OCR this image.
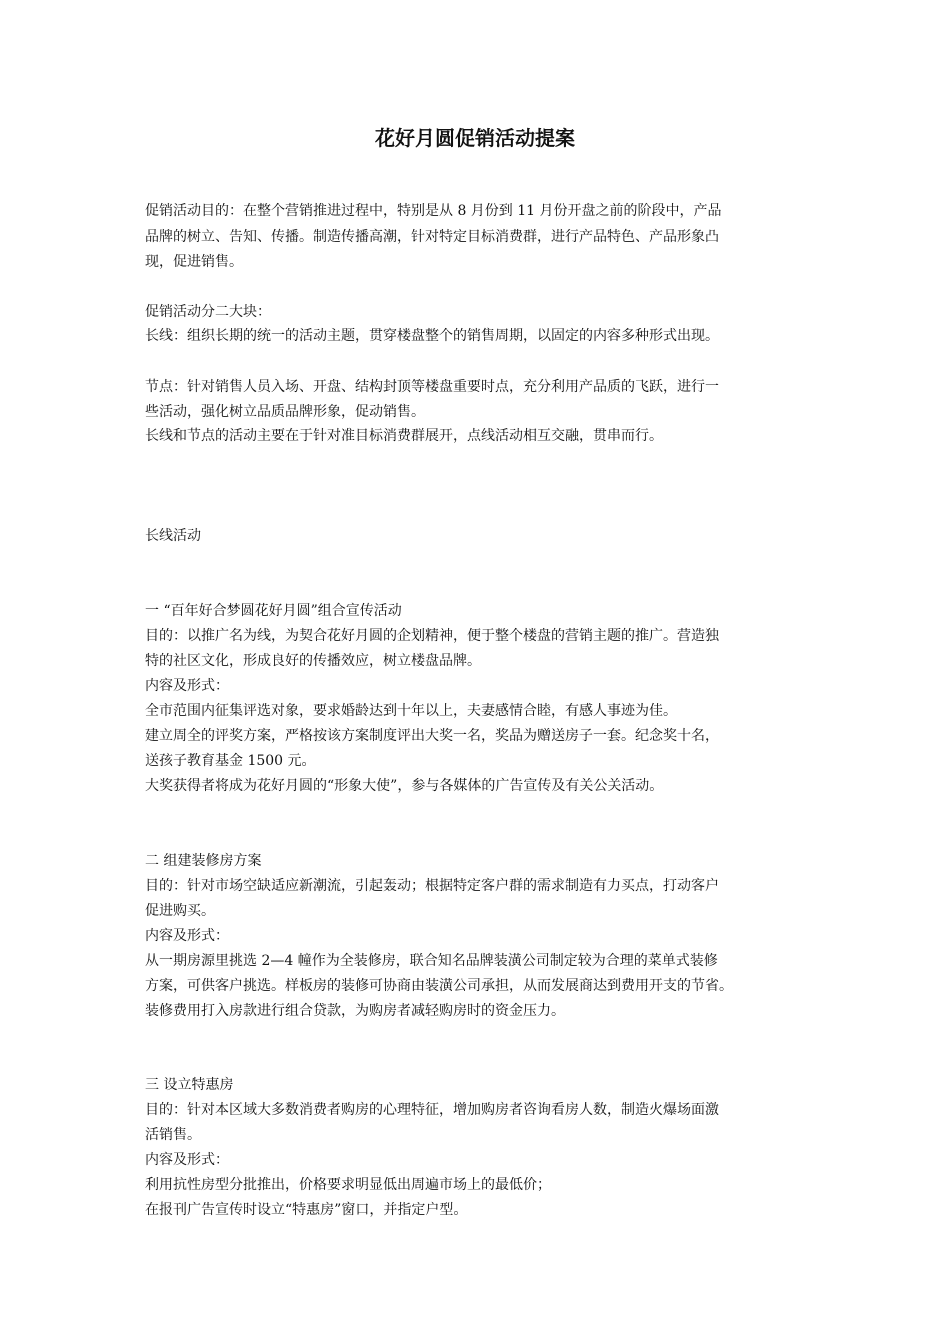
花好月圆促销活动提案
促销活动目的：在整个营销推进过程中，特别是从 8 月份到 11 月份开盘之前的阶段中，产品
品牌的树立、告知、传播。制造传播高潮，针对特定目标消费群，进行产品特色、产品形象凸
现，促进销售。
促销活动分二大块：
长线：组织长期的统一的活动主题，贯穿楼盘整个的销售周期，以固定的内容多种形式出现。
节点：针对销售人员入场、开盘、结构封顶等楼盘重要时点，充分利用产品质的飞跃，进行一
些活动，强化树立品质品牌形象，促动销售。
长线和节点的活动主要在于针对准目标消费群展开，点线活动相互交融，贯串而行。
长线活动
一 “百年好合梦圆花好月圆”组合宣传活动
目的：以推广名为线，为契合花好月圆的企划精神，便于整个楼盘的营销主题的推广。营造独
特的社区文化，形成良好的传播效应，树立楼盘品牌。
内容及形式：
全市范围内征集评选对象，要求婚龄达到十年以上，夫妻感情合睦，有感人事迹为佳。
建立周全的评奖方案，严格按该方案制度评出大奖一名，奖品为赠送房子一套。纪念奖十名，
送孩子教育基金 1500 元。
大奖获得者将成为花好月圆的“形象大使”，参与各媒体的广告宣传及有关公关活动。
二 组建装修房方案
目的：针对市场空缺适应新潮流，引起轰动；根据特定客户群的需求制造有力买点，打动客户
促进购买。
内容及形式：
从一期房源里挑选 2—4 幢作为全装修房，联合知名品牌装潢公司制定较为合理的菜单式装修
方案，可供客户挑选。样板房的装修可协商由装潢公司承担，从而发展商达到费用开支的节省。
装修费用打入房款进行组合贷款，为购房者减轻购房时的资金压力。
三 设立特惠房
目的：针对本区域大多数消费者购房的心理特征，增加购房者咨询看房人数，制造火爆场面激
活销售。
内容及形式：
利用抗性房型分批推出，价格要求明显低出周遍市场上的最低价；
在报刊广告宣传时设立“特惠房”窗口，并指定户型。
